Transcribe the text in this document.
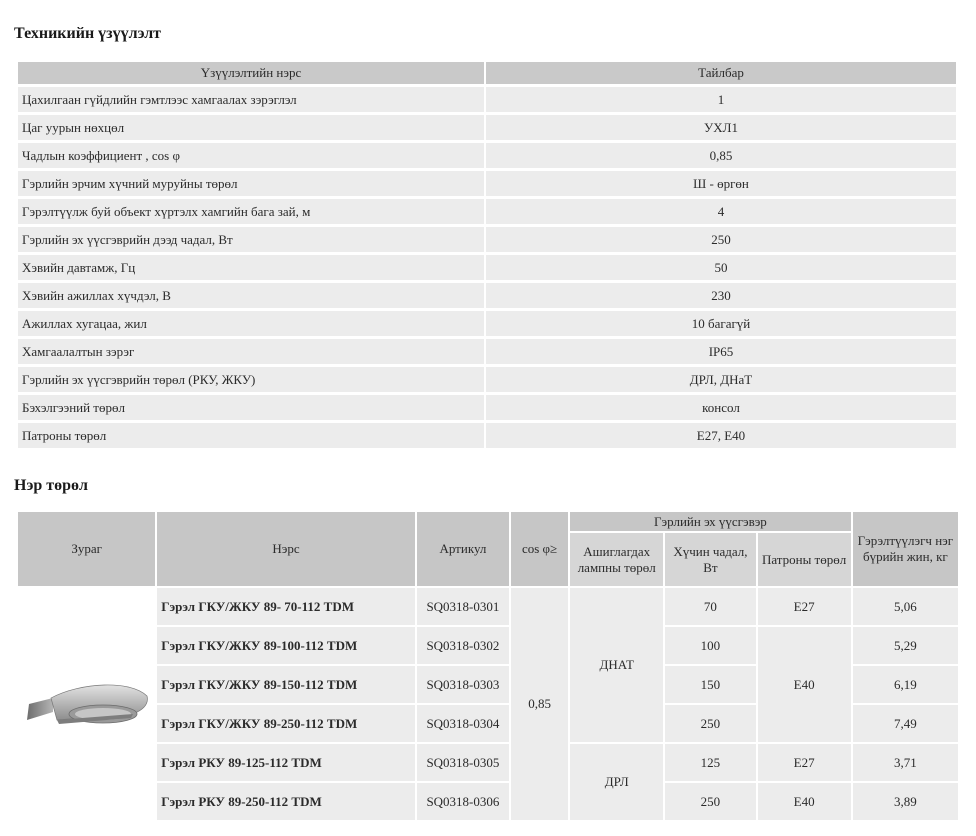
Техникийн үзүүлэлт
Үзүүлэлтийн нэрс	Тайлбар
Цахилгаан гүйдлийн гэмтлээс хамгаалах зэрэглэл	1
Цаг уурын нөхцөл	УХЛ1
Чадлын коэффициент , cos φ	0,85
Гэрлийн эрчим хүчний муруйны төрөл	Ш - өргөн
Гэрэлтүүлж буй объект хүртэлх хамгийн бага зай, м	4
Гэрлийн эх үүсгэврийн дээд чадал, Вт	250
Хэвийн давтамж, Гц	50
Хэвийн ажиллах хүчдэл, В	230
Ажиллах хугацаа, жил	10 багагүй
Хамгаалалтын зэрэг	IP65
Гэрлийн эх үүсгэврийн төрөл (РКУ, ЖКУ)	ДРЛ, ДНаТ
Бэхэлгээний төрөл	консол
Патроны төрөл	E27, E40
Нэр төрөл
Зураг	Нэрс	Артикул	cos φ≥	Гэрлийн эх үүсгэвэр			Гэрэлтүүлэгч нэг бүрийн жин, кг
				Ашиглагдах лампны төрөл	Хүчин чадал, Вт	Патроны төрөл	

	Гэрэл ГКУ/ЖКУ 89- 70-112 TDM	SQ0318-0301	0,85	ДНАТ	70	E27	5,06
	Гэрэл ГКУ/ЖКУ 89-100-112 TDM	SQ0318-0302			100	E40	5,29
	Гэрэл ГКУ/ЖКУ 89-150-112 TDM	SQ0318-0303			150		6,19
	Гэрэл ГКУ/ЖКУ 89-250-112 TDM	SQ0318-0304			250		7,49
	Гэрэл РКУ 89-125-112 TDM	SQ0318-0305		ДРЛ	125	E27	3,71
	Гэрэл РКУ 89-250-112 TDM	SQ0318-0306			250	E40	3,89
